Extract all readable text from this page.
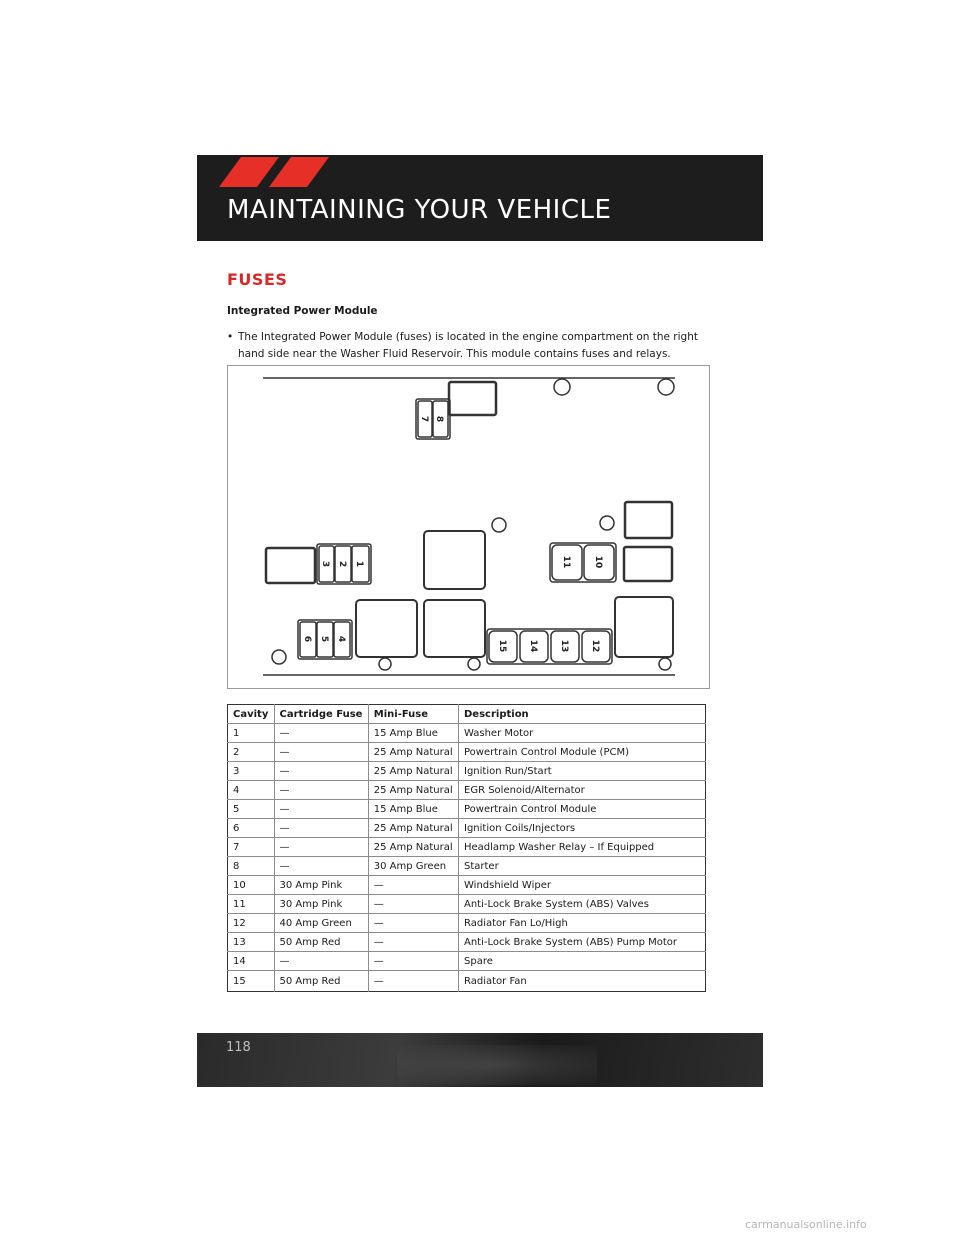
MAINTAINING YOUR VEHICLE
FUSES
Integrated Power Module
• The Integrated Power Module (fuses) is located in the engine compartment on the right hand side near the Washer Fluid Reservoir. This module contains fuses and relays.
7 8
3 2 1
6 5 4
11 10
15 14 13 12
Cavity	Cartridge Fuse	Mini-Fuse	Description
1	—	15 Amp Blue	Washer Motor
2	—	25 Amp Natural	Powertrain Control Module (PCM)
3	—	25 Amp Natural	Ignition Run/Start
4	—	25 Amp Natural	EGR Solenoid/Alternator
5	—	15 Amp Blue	Powertrain Control Module
6	—	25 Amp Natural	Ignition Coils/Injectors
7	—	25 Amp Natural	Headlamp Washer Relay – If Equipped
8	—	30 Amp Green	Starter
10	30 Amp Pink	—	Windshield Wiper
11	30 Amp Pink	—	Anti-Lock Brake System (ABS) Valves
12	40 Amp Green	—	Radiator Fan Lo/High
13	50 Amp Red	—	Anti-Lock Brake System (ABS) Pump Motor
14	—	—	Spare
15	50 Amp Red	—	Radiator Fan
118
carmanualsonline.info
